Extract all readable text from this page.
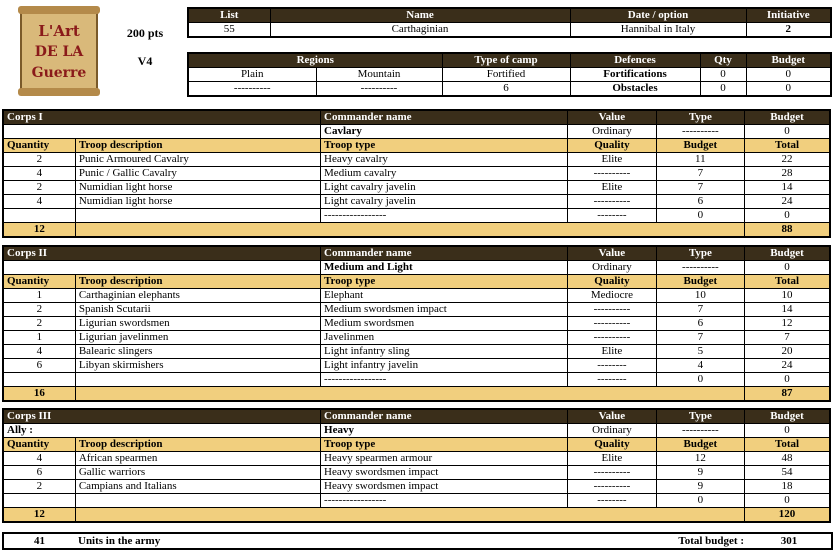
L'Art
DE LA
Guerre
200 pts
V4
List	Name	Date / option	Initiative
55	Carthaginian	Hannibal in Italy	2
Regions		Type of camp	Defences	Qty	Budget
Plain	Mountain	Fortified	Fortifications	0	0
----------	----------	6	Obstacles	0	0
Corps I		Commander name	Value	Type	Budget
		Cavlary	Ordinary	----------	0
Quantity	Troop description	Troop type	Quality	Budget	Total
2	Punic Armoured Cavalry	Heavy cavalry	Elite	11	22
4	Punic / Gallic Cavalry	Medium cavalry	----------	7	28
2	Numidian light horse	Light cavalry javelin	Elite	7	14
4	Numidian light horse	Light cavalry javelin	----------	6	24
		-----------------	--------	0	0
12					88
Corps II		Commander name	Value	Type	Budget
		Medium and Light	Ordinary	----------	0
Quantity	Troop description	Troop type	Quality	Budget	Total
1	Carthaginian elephants	Elephant	Mediocre	10	10
2	Spanish Scutarii	Medium swordsmen impact	----------	7	14
2	Ligurian swordsmen	Medium swordsmen	----------	6	12
1	Ligurian javelinmen	Javelinmen	----------	7	7
4	Balearic slingers	Light infantry sling	Elite	5	20
6	Libyan skirmishers	Light infantry javelin	--------	4	24
		-----------------	--------	0	0
16					87
Corps III		Commander name	Value	Type	Budget
Ally :		Heavy	Ordinary	----------	0
Quantity	Troop description	Troop type	Quality	Budget	Total
4	African spearmen	Heavy spearmen armour	Elite	12	48
6	Gallic warriors	Heavy swordsmen impact	----------	9	54
2	Campians and Italians	Heavy swordsmen impact	----------	9	18
		-----------------	--------	0	0
12					120
41	Units in the army		Total budget :	301
